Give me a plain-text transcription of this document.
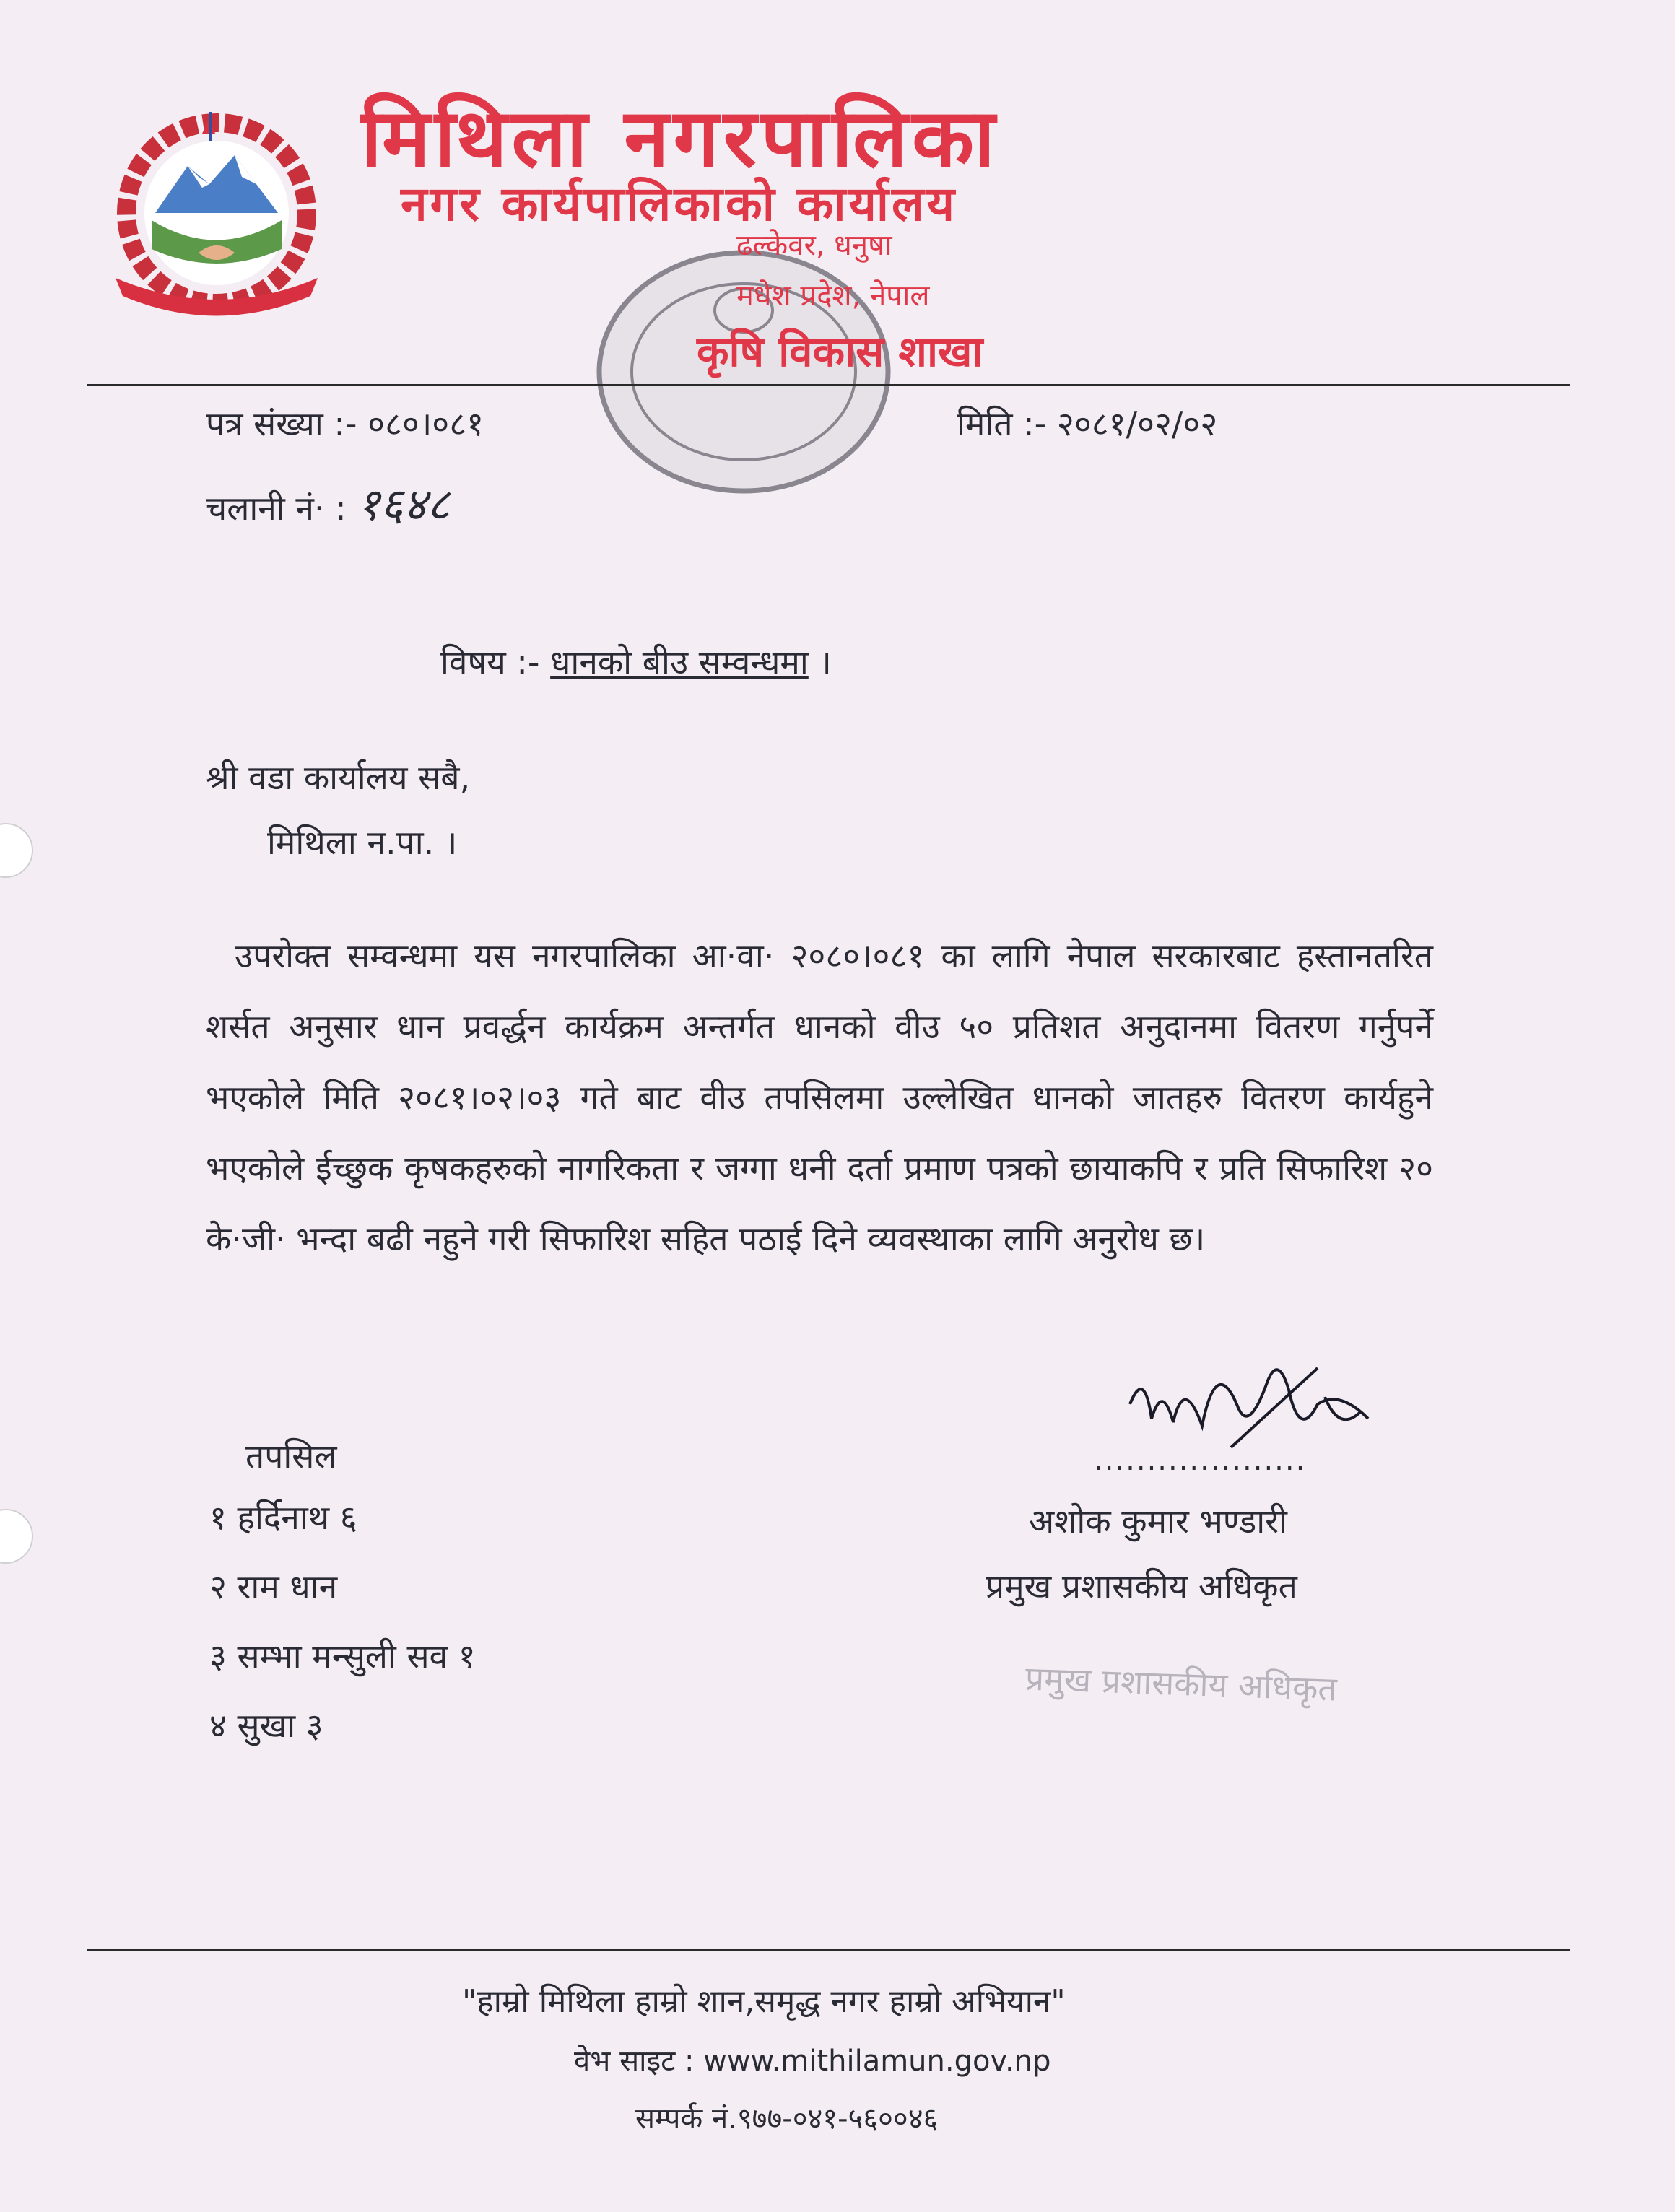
मिथिला नगरपालिका
नगर कार्यपालिकाको कार्यालय
ढल्केवर, धनुषा
मधेश प्रदेश, नेपाल
कृषि विकास शाखा
पत्र संख्या :- ०८०।०८१
चलानी नं· : १६४८
मिति :- २०८१/०२/०२
विषय :- धानको बीउ सम्वन्धमा ।
श्री वडा कार्यालय सबै,
मिथिला न.पा. ।
उपरोक्त सम्वन्धमा यस नगरपालिका आ·वा· २०८०।०८१ का लागि नेपाल सरकारबाट हस्तानतरित शर्सत अनुसार धान प्रवर्द्धन कार्यक्रम अन्तर्गत धानको वीउ ५० प्रतिशत अनुदानमा वितरण गर्नुपर्ने भएकोले मिति २०८१।०२।०३ गते बाट वीउ तपसिलमा उल्लेखित धानको जातहरु वितरण कार्यहुने भएकोले ईच्छुक कृषकहरुको नागरिकता र जग्गा धनी दर्ता प्रमाण पत्रको छायाकपि र प्रति सिफारिश २० के·जी· भन्दा बढी नहुने गरी सिफारिश सहित पठाई दिने व्यवस्थाका लागि अनुरोध छ।
तपसिल
१ हर्दिनाथ ६
२ राम धान
३ सम्भा मन्सुली सव १
४ सुखा ३
....................
अशोक कुमार भण्डारी
प्रमुख प्रशासकीय अधिकृत
प्रमुख प्रशासकीय अधिकृत
"हाम्रो मिथिला हाम्रो शान,समृद्ध नगर हाम्रो अभियान"
वेभ साइट : www.mithilamun.gov.np
सम्पर्क नं.९७७-०४१-५६००४६
